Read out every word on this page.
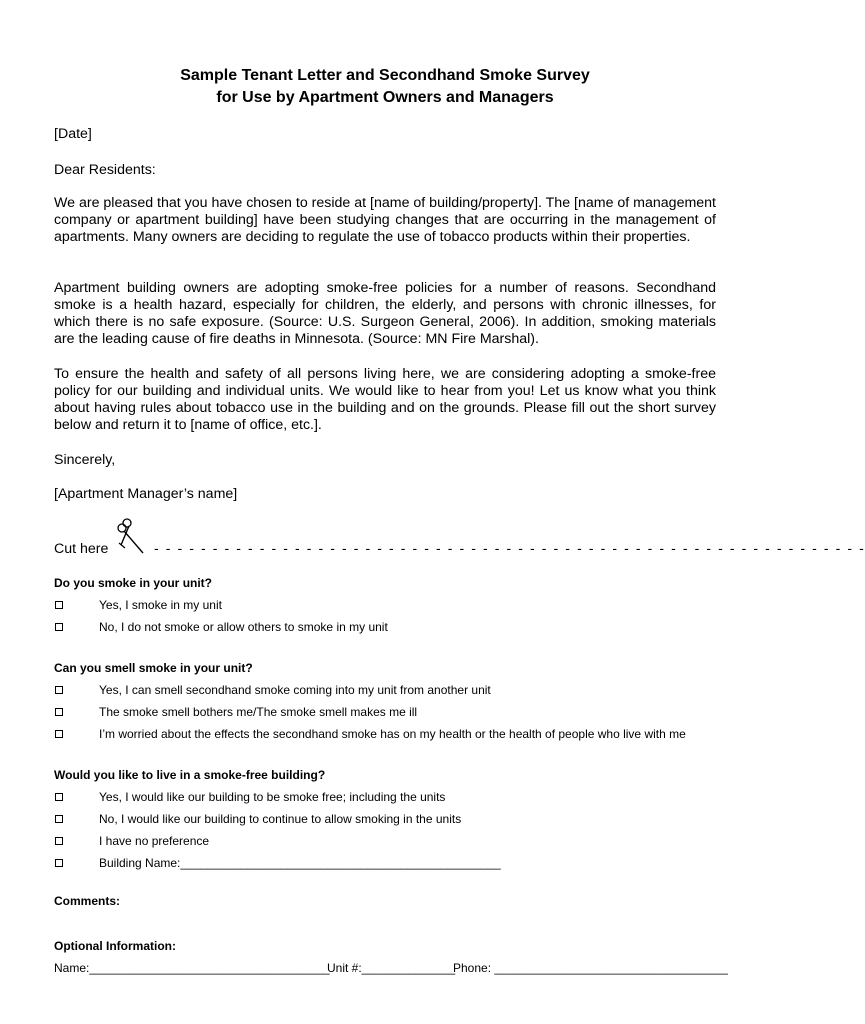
Sample Tenant Letter and Secondhand Smoke Survey
for Use by Apartment Owners and Managers
[Date]
Dear Residents:
We are pleased that you have chosen to reside at [name of building/property]. The [name of management company or apartment building] have been studying changes that are occurring in the management of apartments. Many owners are deciding to regulate the use of tobacco products within their properties.
Apartment building owners are adopting smoke-free policies for a number of reasons. Secondhand smoke is a health hazard, especially for children, the elderly, and persons with chronic illnesses, for which there is no safe exposure. (Source: U.S. Surgeon General, 2006). In addition, smoking materials are the leading cause of fire deaths in Minnesota. (Source: MN Fire Marshal).
To ensure the health and safety of all persons living here, we are considering adopting a smoke-free policy for our building and individual units. We would like to hear from you! Let us know what you think about having rules about tobacco use in the building and on the grounds. Please fill out the short survey below and return it to [name of office, etc.].
Sincerely,
[Apartment Manager’s name]
Cut here	- - - - - - - - - - - - - - - - - - - - - - - - - - - - - - - - - - - - - - - - - - - - - - - - - - - - - - - - - - - - -
Do you smoke in your unit?
Yes, I smoke in my unit
No, I do not smoke or allow others to smoke in my unit
Can you smell smoke in your unit?
Yes, I can smell secondhand smoke coming into my unit from another unit
The smoke smell bothers me/The smoke smell makes me ill
I’m worried about the effects the secondhand smoke has on my health or the health of people who live with me
Would you like to live in a smoke-free building?
Yes, I would like our building to be smoke free; including the units
No, I would like our building to continue to allow smoking in the units
I have no preference
Building Name:________________________________________________
Comments:
Optional Information:
Name:____________________________________
Unit #:______________
Phone: ___________________________________
